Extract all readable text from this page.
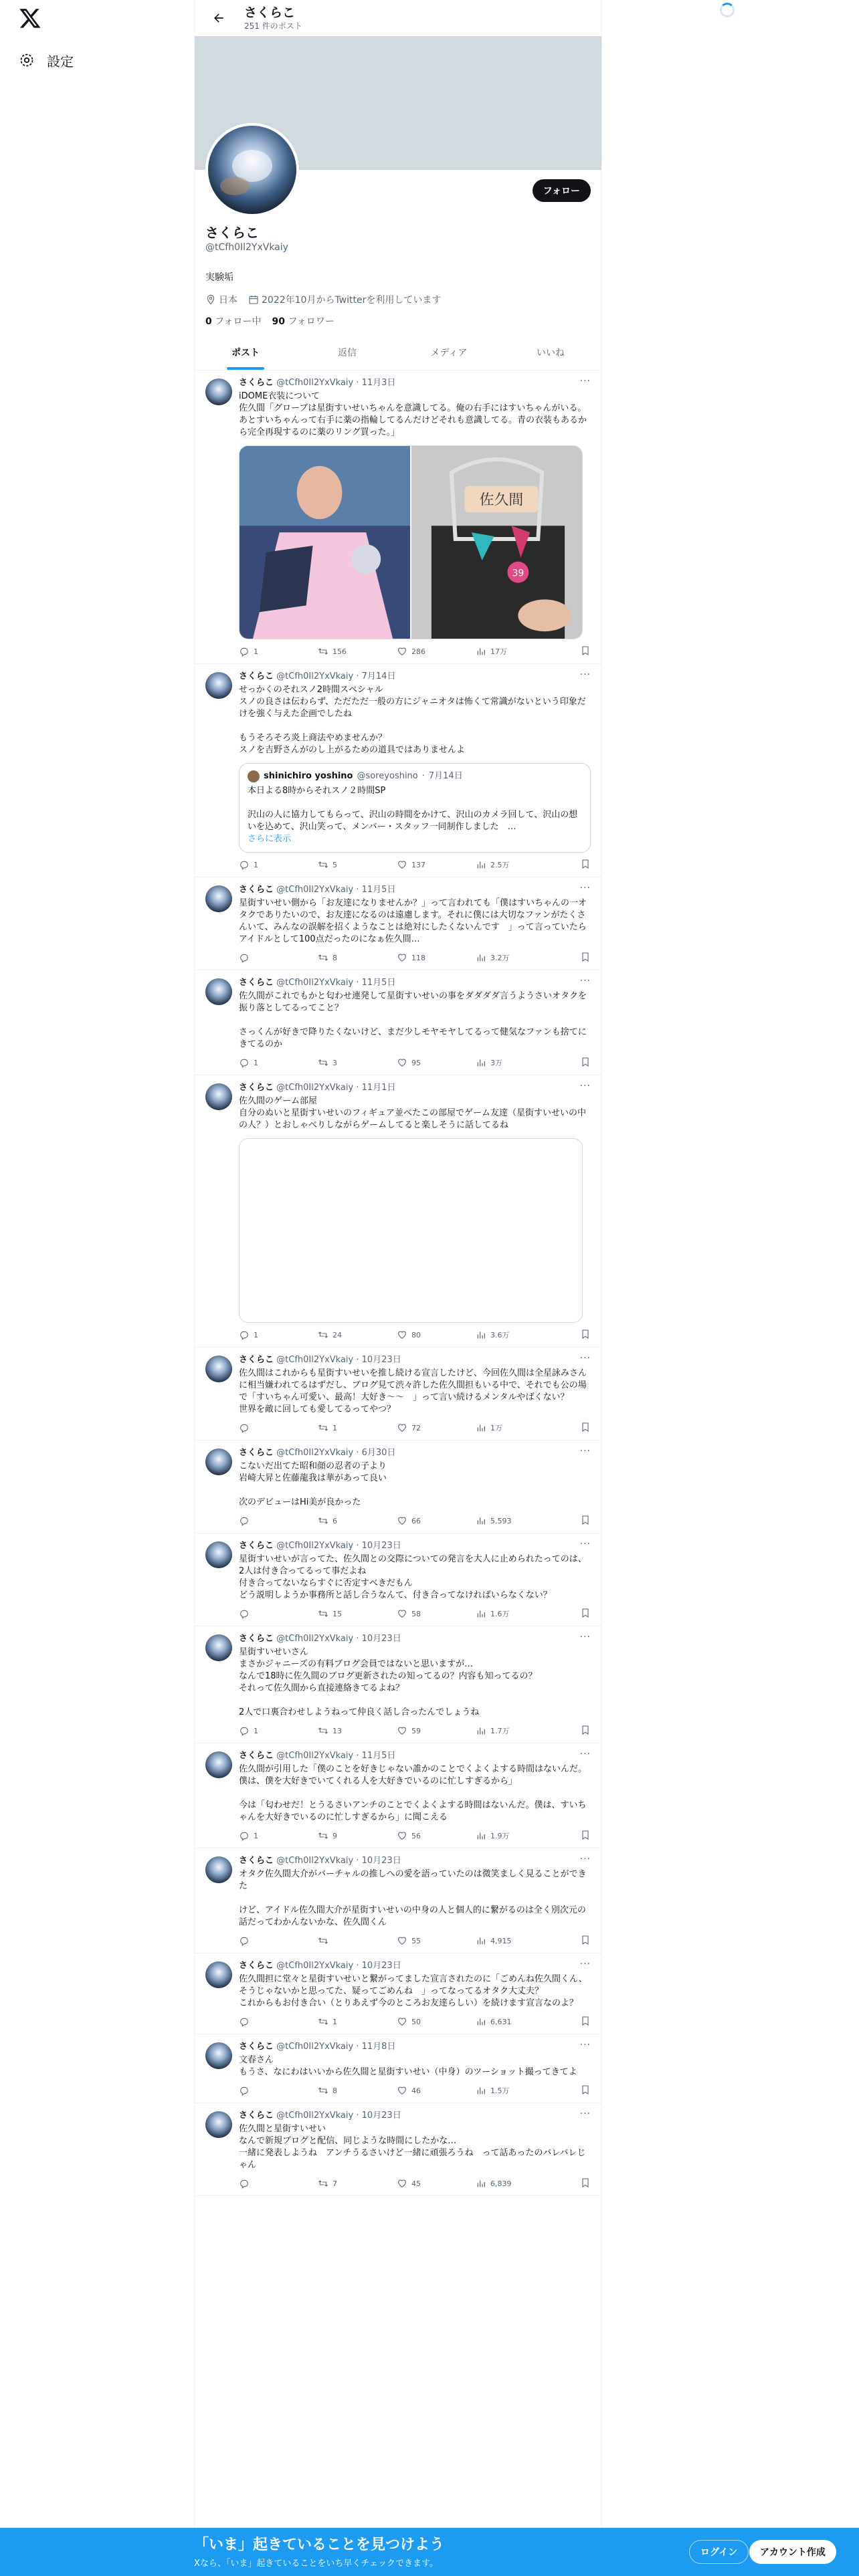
設定
さくらこ
251 件のポスト
フォロー
さくらこ
@tCfh0Il2YxVkaiy
実験垢
日本	2022年10月からTwitterを利用しています
0 フォロー中 90 フォロワー
ポスト	返信	メディア	いいね
···
さくらこ @tCfh0Il2YxVkaiy · 11月3日
iDOME衣装について
佐久間「グローブは星街すいせいちゃんを意識してる。俺の右手にはすいちゃんがいる。あとすいちゃんって右手に薬の指輪してるんだけどそれも意識してる。青の衣装もあるから完全再現するのに薬のリング買った。」
佐久間
39
1	156	286	17万
···
さくらこ @tCfh0Il2YxVkaiy · 7月14日
せっかくのそれスノ2時間スペシャル
スノの良さは伝わらず、ただただ一般の方にジャニオタは怖くて常識がないという印象だけを強く与えた企画でしたね

もうそろそろ炎上商法やめませんか？
スノを吉野さんがのし上がるための道具ではありませんよ
shinichiro yoshino @soreyoshino · 7月14日
本日よる8時からそれスノ２時間SP

沢山の人に協力してもらって、沢山の時間をかけて、沢山のカメラ回して、沢山の想いを込めて、沢山笑って、メンバー・スタッフ一同制作しました　…
さらに表示
1	5	137	2.5万
···
さくらこ @tCfh0Il2YxVkaiy · 11月5日
星街すいせい側から「お友達になりませんか？」って言われても「僕はすいちゃんの一オタクでありたいので、お友達になるのは遠慮します。それに僕には大切なファンがたくさんいて、みんなの誤解を招くようなことは絶対にしたくないんです　」って言っていたらアイドルとして100点だったのになぁ佐久間…
8	118	3.2万
···
さくらこ @tCfh0Il2YxVkaiy · 11月5日
佐久間がこれでもかと匂わせ連発して星街すいせいの事をダダダダ言うようさいオタクを振り落としてるってこと？

さっくんが好きで降りたくないけど、まだ少しモヤモヤしてるって健気なファンも捨てにきてるのか
1	3	95	3万
···
さくらこ @tCfh0Il2YxVkaiy · 11月1日
佐久間のゲーム部屋
自分のぬいと星街すいせいのフィギュア並べたこの部屋でゲーム友達（星街すいせいの中の人？）とおしゃべりしながらゲームしてると楽しそうに話してるね
1	24	80	3.6万
···
さくらこ @tCfh0Il2YxVkaiy · 10月23日
佐久間はこれからも星街すいせいを推し続ける宣言したけど、今回佐久間は全星詠みさんに相当嫌われてるはずだし、ブログ見て渋々許した佐久間担もいる中で、それでも公の場で「すいちゃん可愛い、最高！大好き〜〜　」って言い続けるメンタルやばくない？
世界を敵に回しても愛してるってやつ？
1	72	1万
···
さくらこ @tCfh0Il2YxVkaiy · 6月30日
こないだ出てた昭和顔の忍者の子より
岩崎大昇と佐藤龍我は華があって良い

次のデビューはHi美が良かった
6	66	5,593
···
さくらこ @tCfh0Il2YxVkaiy · 10月23日
星街すいせいが言ってた、佐久間との交際についての発言を大人に止められたってのは、2人は付き合ってるって事だよね
付き合ってないならすぐに否定すべきだもん
どう説明しようか事務所と話し合うなんて、付き合ってなければいらなくない？
15	58	1.6万
···
さくらこ @tCfh0Il2YxVkaiy · 10月23日
星街すいせいさん
まさかジャニーズの有料ブログ会員ではないと思いますが…
なんで18時に佐久間のブログ更新されたの知ってるの？内容も知ってるの？
それって佐久間から直接連絡きてるよね？

2人で口裏合わせしようねって仲良く話し合ったんでしょうね
1	13	59	1.7万
···
さくらこ @tCfh0Il2YxVkaiy · 11月5日
佐久間が引用した「僕のことを好きじゃない誰かのことでくよくよする時間はないんだ。僕は、僕を大好きでいてくれる人を大好きでいるのに忙しすぎるから」

今は「匂わせだ！とうるさいアンチのことでくよくよする時間はないんだ。僕は、すいちゃんを大好きでいるのに忙しすぎるから」に聞こえる
1	9	56	1.9万
···
さくらこ @tCfh0Il2YxVkaiy · 10月23日
オタク佐久間大介がバーチャルの推しへの愛を語っていたのは微笑ましく見ることができた

けど、アイドル佐久間大介が星街すいせいの中身の人と個人的に繋がるのは全く別次元の話だってわかんないかな、佐久間くん
55	4,915
···
さくらこ @tCfh0Il2YxVkaiy · 10月23日
佐久間担に堂々と星街すいせいと繋がってました宣言されたのに「ごめんね佐久間くん、そうじゃないかと思ってた、疑ってごめんね　」ってなってるオタク大丈夫？
これからもお付き合い（とりあえず今のところお友達らしい）を続けます宣言なのよ？
1	50	6,631
···
さくらこ @tCfh0Il2YxVkaiy · 11月8日
文春さん
もうさ、なにわはいいから佐久間と星街すいせい（中身）のツーショット撮ってきてよ
8	46	1.5万
···
さくらこ @tCfh0Il2YxVkaiy · 10月23日
佐久間と星街すいせい
なんで新規ブログと配信、同じような時間にしたかな…
一緒に発表しようね　アンチうるさいけど一緒に頑張ろうね　って話あったのバレバレじゃん
7	45	6,839
「いま」起きていることを見つけよう
Xなら、「いま」起きていることをいち早くチェックできます。
ログイン	アカウント作成
